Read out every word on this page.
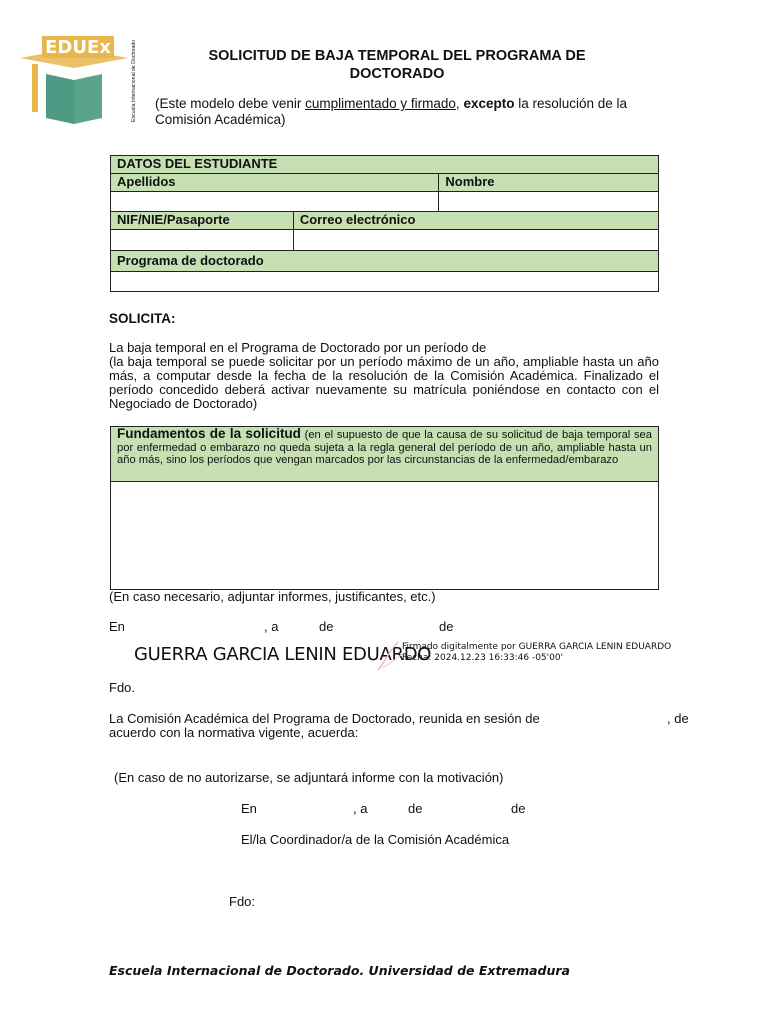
EDUEx	Escuela Internacional de Doctorado	SOLICITUD DE BAJA TEMPORAL DEL PROGRAMA DE
DOCTORADO
(Este modelo debe venir cumplimentado y firmado, excepto la resolución de la Comisión Académica)
DATOS DEL ESTUDIANTE		
Apellidos		Nombre

NIF/NIE/Pasaporte	Correo electrónico	

Programa de doctorado		

SOLICITA:
La baja temporal en el Programa de Doctorado por un período de
(la baja temporal se puede solicitar por un período máximo de un año, ampliable hasta un año más, a computar desde la fecha de la resolución de la Comisión Académica. Finalizado el período concedido deberá activar nuevamente su matrícula poniéndose en contacto con el Negociado de Doctorado)
Fundamentos de la solicitud (en el supuesto de que la causa de su solicitud de baja temporal sea por enfermedad o embarazo no queda sujeta a la regla general del período de un año, ampliable hasta un año más, sino los períodos que vengan marcados por las circunstancias de la enfermedad/embarazo
(En caso necesario, adjuntar informes, justificantes, etc.)
En	, a	de	de
GUERRA GARCIA LENIN EDUARDO
Firmado digitalmente por GUERRA GARCIA LENIN EDUARDO
Fecha: 2024.12.23 16:33:46 -05'00'
Fdo.
La Comisión Académica del Programa de Doctorado, reunida en sesión de	, de
acuerdo con la normativa vigente, acuerda:
(En caso de no autorizarse, se adjuntará informe con la motivación)
En	, a	de	de
El/la Coordinador/a de la Comisión Académica
Fdo:
Escuela Internacional de Doctorado. Universidad de Extremadura
